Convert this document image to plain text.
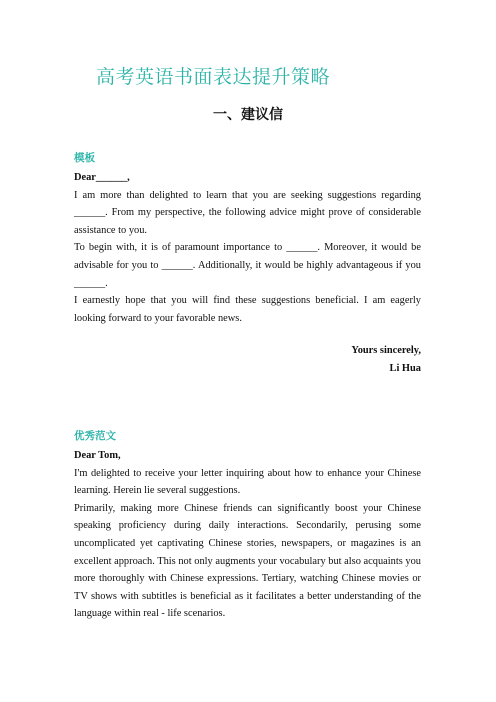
高考英语书面表达提升策略
一、建议信
模板

Dear______,

I am more than delighted to learn that you are seeking suggestions regarding ______. From my perspective, the following advice might prove of considerable assistance to you.

To begin with, it is of paramount importance to ______. Moreover, it would be advisable for you to ______. Additionally, it would be highly advantageous if you ______.

I earnestly hope that you will find these suggestions beneficial. I am eagerly looking forward to your favorable news.

Yours sincerely,

Li Hua

优秀范文

Dear Tom,

I'm delighted to receive your letter inquiring about how to enhance your Chinese learning. Herein lie several suggestions.

Primarily, making more Chinese friends can significantly boost your Chinese speaking proficiency during daily interactions. Secondarily, perusing some uncomplicated yet captivating Chinese stories, newspapers, or magazines is an excellent approach. This not only augments your vocabulary but also acquaints you more thoroughly with Chinese expressions. Tertiary, watching Chinese movies or TV shows with subtitles is beneficial as it facilitates a better understanding of the language within real - life scenarios.
